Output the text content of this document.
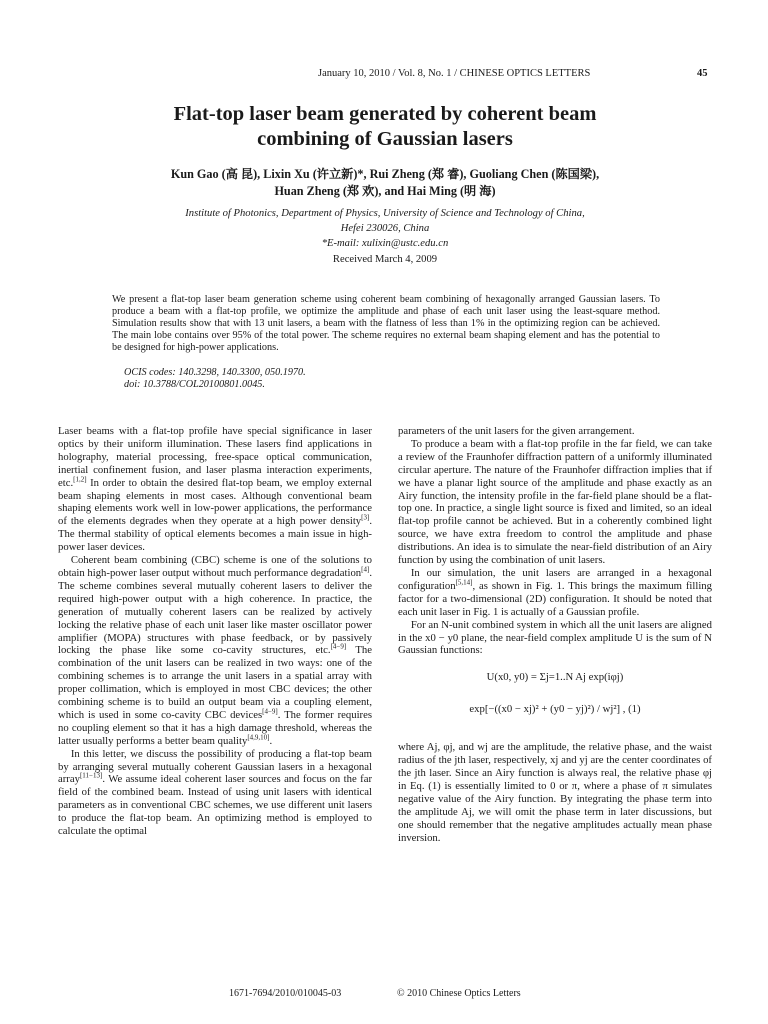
January 10, 2010 / Vol. 8, No. 1 / CHINESE OPTICS LETTERS	45
Flat-top laser beam generated by coherent beam
combining of Gaussian lasers
Kun Gao (高 昆), Lixin Xu (许立新)*, Rui Zheng (郑 睿), Guoliang Chen (陈国梁),
Huan Zheng (郑 欢), and Hai Ming (明 海)
Institute of Photonics, Department of Physics, University of Science and Technology of China,
Hefei 230026, China
*E-mail: xulixin@ustc.edu.cn
Received March 4, 2009
We present a flat-top laser beam generation scheme using coherent beam combining of hexagonally arranged Gaussian lasers. To produce a beam with a flat-top profile, we optimize the amplitude and phase of each unit laser using the least-square method. Simulation results show that with 13 unit lasers, a beam with the flatness of less than 1% in the optimizing region can be achieved. The main lobe contains over 95% of the total power. The scheme requires no external beam shaping element and has the potential to be designed for high-power applications.
OCIS codes: 140.3298, 140.3300, 050.1970.
doi: 10.3788/COL20100801.0045.

Laser beams with a flat-top profile have special significance in laser optics by their uniform illumination. These lasers find applications in holography, material processing, free-space optical communication, inertial confinement fusion, and laser plasma interaction experiments, etc.[1,2] In order to obtain the desired flat-top beam, we employ external beam shaping elements in most cases. Although conventional beam shaping elements work well in low-power applications, the performance of the elements degrades when they operate at a high power density[3]. The thermal stability of optical elements becomes a main issue in high-power laser devices.

Coherent beam combining (CBC) scheme is one of the solutions to obtain high-power laser output without much performance degradation[4]. The scheme combines several mutually coherent lasers to deliver the required high-power output with a high coherence. In practice, the generation of mutually coherent lasers can be realized by actively locking the relative phase of each unit laser like master oscillator power amplifier (MOPA) structures with phase feedback, or by passively locking the phase like some co-cavity structures, etc.[4−9] The combination of the unit lasers can be realized in two ways: one of the combining schemes is to arrange the unit lasers in a spatial array with proper collimation, which is employed in most CBC devices; the other combining scheme is to build an output beam via a coupling element, which is used in some co-cavity CBC devices[4−9]. The former requires no coupling element so that it has a high damage threshold, whereas the latter usually performs a better beam quality[4,9,10].

In this letter, we discuss the possibility of producing a flat-top beam by arranging several mutually coherent Gaussian lasers in a hexagonal array[11−13]. We assume ideal coherent laser sources and focus on the far field of the combined beam. Instead of using unit lasers with identical parameters as in conventional CBC schemes, we use different unit lasers to produce the flat-top beam. An optimizing method is employed to calculate the optimal

parameters of the unit lasers for the given arrangement.

To produce a beam with a flat-top profile in the far field, we can take a review of the Fraunhofer diffraction pattern of a uniformly illuminated circular aperture. The nature of the Fraunhofer diffraction implies that if we have a planar light source of the amplitude and phase exactly as an Airy function, the intensity profile in the far-field plane should be a flat-top one. In practice, a single light source is fixed and limited, so an ideal flat-top profile cannot be achieved. But in a coherently combined light source, we have extra freedom to control the amplitude and phase distributions. An idea is to simulate the near-field distribution of an Airy function by using the combination of unit lasers.

In our simulation, the unit lasers are arranged in a hexagonal configuration[5,14], as shown in Fig. 1. This brings the maximum filling factor for a two-dimensional (2D) configuration. It should be noted that each unit laser in Fig. 1 is actually of a Gaussian profile.

For an N-unit combined system in which all the unit lasers are aligned in the x0 − y0 plane, the near-field complex amplitude U is the sum of N Gaussian functions:

U(x0, y0) = Σj=1..N Aj exp(iφj)
exp[−((x0 − xj)² + (y0 − yj)²) / wj²] , (1)

where Aj, φj, and wj are the amplitude, the relative phase, and the waist radius of the jth laser, respectively, xj and yj are the center coordinates of the jth laser. Since an Airy function is always real, the relative phase φj in Eq. (1) is essentially limited to 0 or π, where a phase of π simulates negative value of the Airy function. By integrating the phase term into the amplitude Aj, we will omit the phase term in later discussions, but one should remember that the negative amplitudes actually mean phase inversion.

1671-7694/2010/010045-03	© 2010 Chinese Optics Letters
